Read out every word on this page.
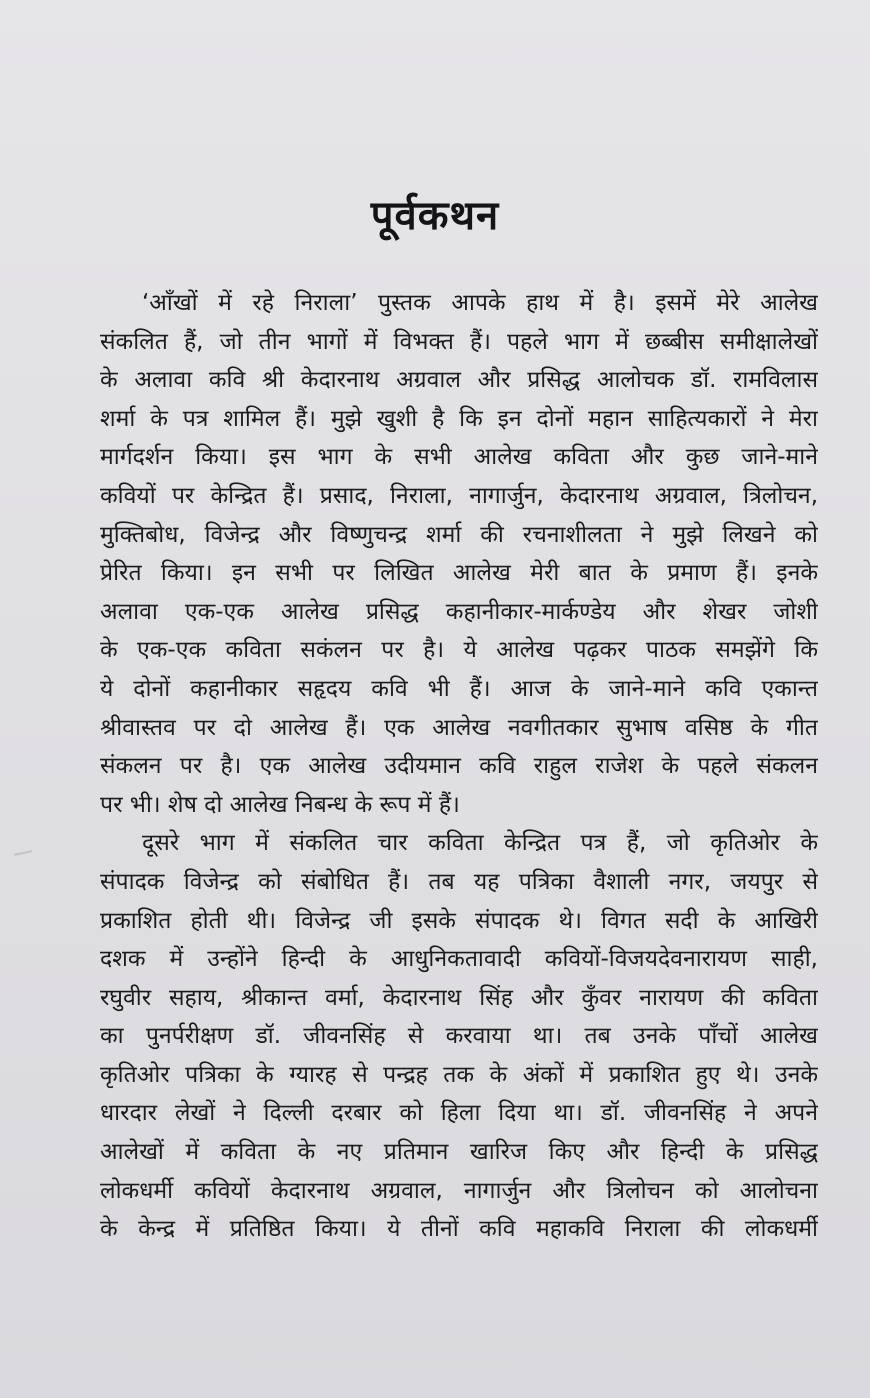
पूर्वकथन
‘आँखों में रहे निराला’ पुस्तक आपके हाथ में है। इसमें मेरे आलेख
संकलित हैं, जो तीन भागों में विभक्त हैं। पहले भाग में छब्बीस समीक्षालेखों
के अलावा कवि श्री केदारनाथ अग्रवाल और प्रसिद्ध आलोचक डॉ. रामविलास
शर्मा के पत्र शामिल हैं। मुझे खुशी है कि इन दोनों महान साहित्यकारों ने मेरा
मार्गदर्शन किया। इस भाग के सभी आलेख कविता और कुछ जाने-माने
कवियों पर केन्द्रित हैं। प्रसाद, निराला, नागार्जुन, केदारनाथ अग्रवाल, त्रिलोचन,
मुक्तिबोध, विजेन्द्र और विष्णुचन्द्र शर्मा की रचनाशीलता ने मुझे लिखने को
प्रेरित किया। इन सभी पर लिखित आलेख मेरी बात के प्रमाण हैं। इनके
अलावा एक-एक आलेख प्रसिद्ध कहानीकार-मार्कण्डेय और शेखर जोशी
के एक-एक कविता सकंलन पर है। ये आलेख पढ़कर पाठक समझेंगे कि
ये दोनों कहानीकार सहृदय कवि भी हैं। आज के जाने-माने कवि एकान्त
श्रीवास्तव पर दो आलेख हैं। एक आलेख नवगीतकार सुभाष वसिष्ठ के गीत
संकलन पर है। एक आलेख उदीयमान कवि राहुल राजेश के पहले संकलन
पर भी। शेष दो आलेख निबन्ध के रूप में हैं।
दूसरे भाग में संकलित चार कविता केन्द्रित पत्र हैं, जो कृतिओर के
संपादक विजेन्द्र को संबोधित हैं। तब यह पत्रिका वैशाली नगर, जयपुर से
प्रकाशित होती थी। विजेन्द्र जी इसके संपादक थे। विगत सदी के आखिरी
दशक में उन्होंने हिन्दी के आधुनिकतावादी कवियों-विजयदेवनारायण साही,
रघुवीर सहाय, श्रीकान्त वर्मा, केदारनाथ सिंह और कुँवर नारायण की कविता
का पुनर्परीक्षण डॉ. जीवनसिंह से करवाया था। तब उनके पाँचों आलेख
कृतिओर पत्रिका के ग्यारह से पन्द्रह तक के अंकों में प्रकाशित हुए थे। उनके
धारदार लेखों ने दिल्ली दरबार को हिला दिया था। डॉ. जीवनसिंह ने अपने
आलेखों में कविता के नए प्रतिमान खारिज किए और हिन्दी के प्रसिद्ध
लोकधर्मी कवियों केदारनाथ अग्रवाल, नागार्जुन और त्रिलोचन को आलोचना
के केन्द्र में प्रतिष्ठित किया। ये तीनों कवि महाकवि निराला की लोकधर्मी
